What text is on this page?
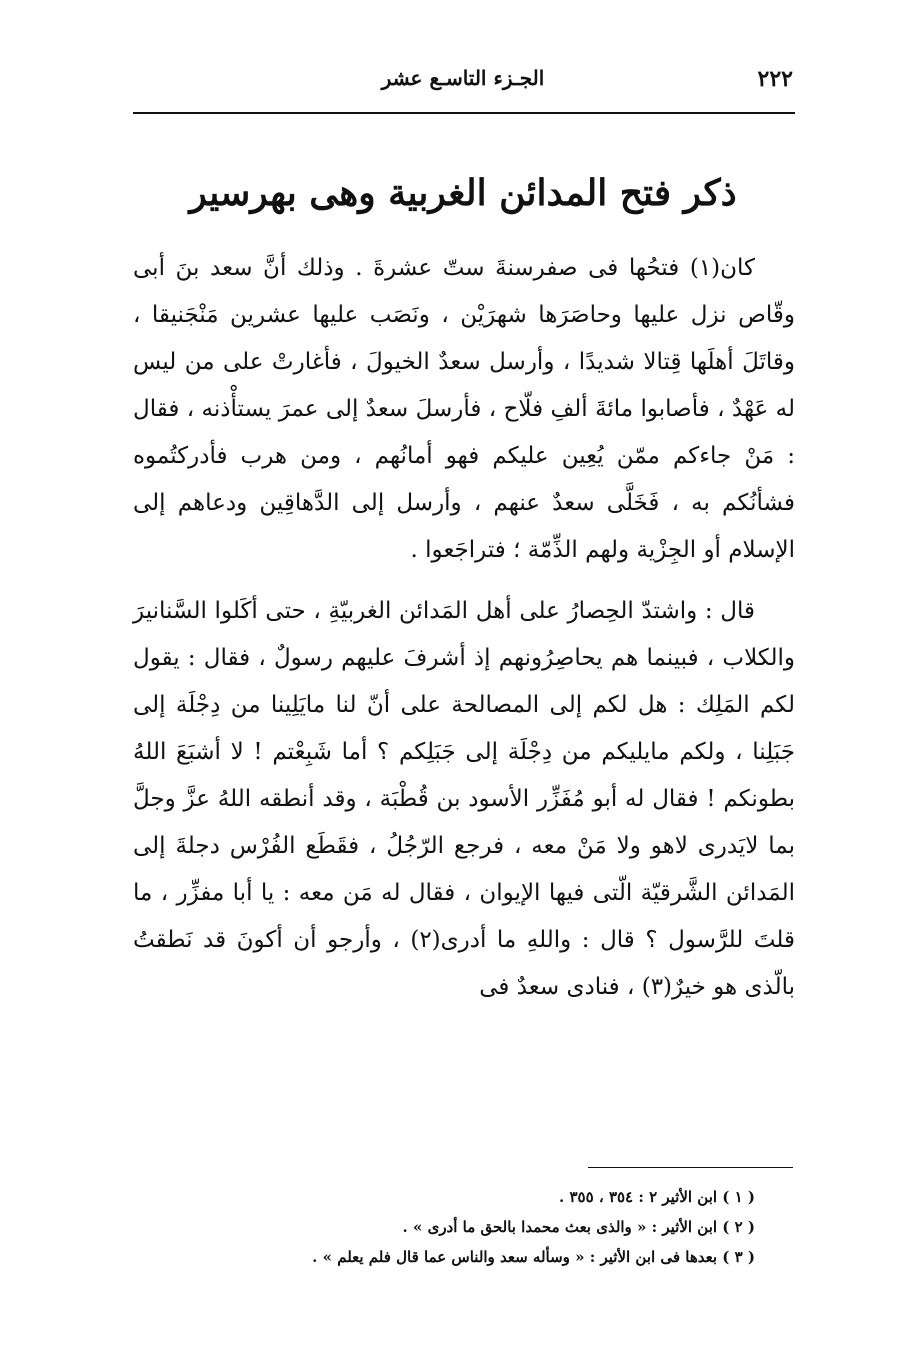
٢٢٢
الجـزء التاسـع عشر
ذكر فتح المدائن الغربية وهى بهرسير

كان(١) فتحُها فى صفرسنةَ ستّ عشرةَ . وذلك أنَّ سعد بنَ أبى وقّاص نزل عليها وحاصَرَها شهرَيْن ، ونَصَب عليها عشرين مَنْجَنيقا ، وقاتَلَ أهلَها قِتالا شديدًا ، وأرسل سعدٌ الخيولَ ، فأغارتْ على من ليس له عَهْدٌ ، فأصابوا مائةَ ألفِ فلّاح ، فأرسلَ سعدٌ إلى عمرَ يستأْذنه ، فقال : مَنْ جاءكم ممّن يُعِين عليكم فهو أمانُهم ، ومن هرب فأدركتُموه فشأنُكم به ، فَخَلَّى سعدٌ عنهم ، وأرسل إلى الدَّهاقِين ودعاهم إلى الإسلام أو الجِزْية ولهم الذِّمّة ؛ فتراجَعوا .

قال : واشتدّ الحِصارُ على أهل المَدائن الغربيّةِ ، حتى أكَلوا السَّنانيرَ والكلاب ، فبينما هم يحاصِرُونهم إذ أشرفَ عليهم رسولٌ ، فقال : يقول لكم المَلِك : هل لكم إلى المصالحة على أنّ لنا مايَلِينا من دِجْلَة إلى جَبَلِنا ، ولكم مايليكم من دِجْلَة إلى جَبَلِكم ؟ أما شَبِعْتم ! لا أشبَعَ اللهُ بطونكم ! فقال له أبو مُفَزِّر الأسود بن قُطْبَة ، وقد أنطقه اللهُ عزَّ وجلَّ بما لايَدرى لاهو ولا مَنْ معه ، فرجع الرّجُلُ ، فقَطَع الفُرْس دجلةَ إلى المَدائن الشَّرقيّة الّتى فيها الإيوان ، فقال له مَن معه : يا أبا مفزِّر ، ما قلتَ للرَّسول ؟ قال : واللهِ ما أدرى(٢) ، وأرجو أن أكونَ قد نَطقتُ بالّذى هو خيرٌ(٣) ، فنادى سعدٌ فى

( ١ ) ابن الأثير ٢ : ٣٥٤ ، ٣٥٥ .

( ٢ ) ابن الأثير : « والذى بعث محمدا بالحق ما أدرى » .

( ٣ ) بعدها فى ابن الأثير : « وسأله سعد والناس عما قال فلم يعلم » .
